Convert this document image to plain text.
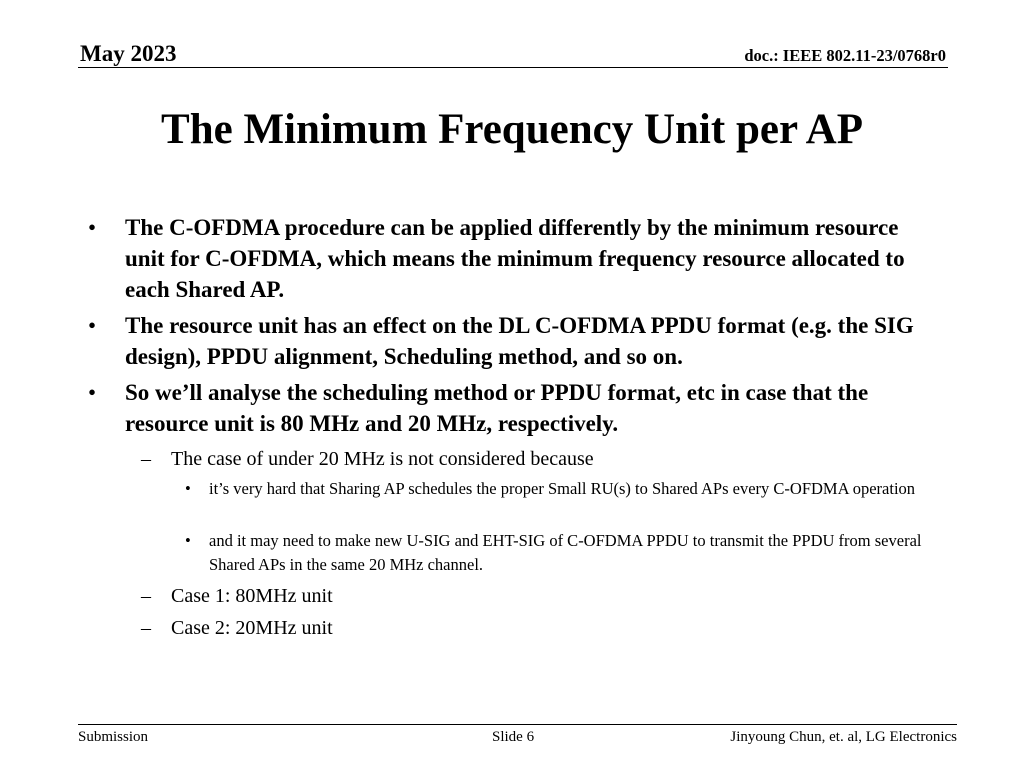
May 2023	doc.: IEEE 802.11-23/0768r0
The Minimum Frequency Unit per AP
• The C-OFDMA procedure can be applied differently by the minimum resource unit for C-OFDMA, which means the minimum frequency resource allocated to each Shared AP.
• The resource unit has an effect on the DL C-OFDMA PPDU format (e.g. the SIG design), PPDU alignment, Scheduling method, and so on.
• So we’ll analyse the scheduling method or PPDU format, etc in case that the resource unit is 80 MHz and 20 MHz, respectively.
– The case of under 20 MHz is not considered because
• it’s very hard that Sharing AP schedules the proper Small RU(s) to Shared APs every C-OFDMA operation
• and it may need to make new U-SIG and EHT-SIG of C-OFDMA PPDU to transmit the PPDU from several Shared APs in the same 20 MHz channel.
– Case 1: 80MHz unit
– Case 2: 20MHz unit
Submission	Slide 6	Jinyoung Chun, et. al, LG Electronics
